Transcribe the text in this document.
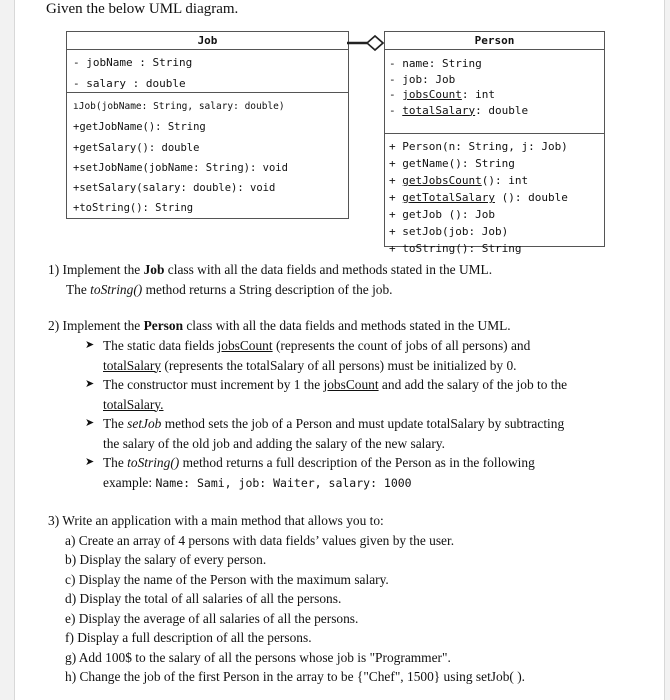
Given the below UML diagram.
Job
- jobName : String
- salary : double
ıJob(jobName: String, salary: double)
+getJobName(): String
+getSalary(): double
+setJobName(jobName: String): void
+setSalary(salary: double): void
+toString(): String
Person
- name: String
- job: Job
- jobsCount: int
- totalSalary: double
+ Person(n: String, j: Job)
+ getName(): String
+ getJobsCount(): int
+ getTotalSalary (): double
+ getJob (): Job
+ setJob(job: Job)
+ toString(): String
1) Implement the Job class with all the data fields and methods stated in the UML.
The toString() method returns a String description of the job.
2) Implement the Person class with all the data fields and methods stated in the UML.
➤ The static data fields jobsCount (represents the count of jobs of all persons) and
totalSalary (represents the totalSalary of all persons) must be initialized by 0.
➤ The constructor must increment by 1 the jobsCount and add the salary of the job to the
totalSalary.
➤ The setJob method sets the job of a Person and must update totalSalary by subtracting
the salary of the old job and adding the salary of the new salary.
➤ The toString() method returns a full description of the Person as in the following
example: Name: Sami, job: Waiter, salary: 1000
3) Write an application with a main method that allows you to:
a) Create an array of 4 persons with data fields’ values given by the user.
b) Display the salary of every person.
c) Display the name of the Person with the maximum salary.
d) Display the total of all salaries of all the persons.
e) Display the average of all salaries of all the persons.
f) Display a full description of all the persons.
g) Add 100$ to the salary of all the persons whose job is "Programmer".
h) Change the job of the first Person in the array to be {"Chef", 1500} using setJob( ).
